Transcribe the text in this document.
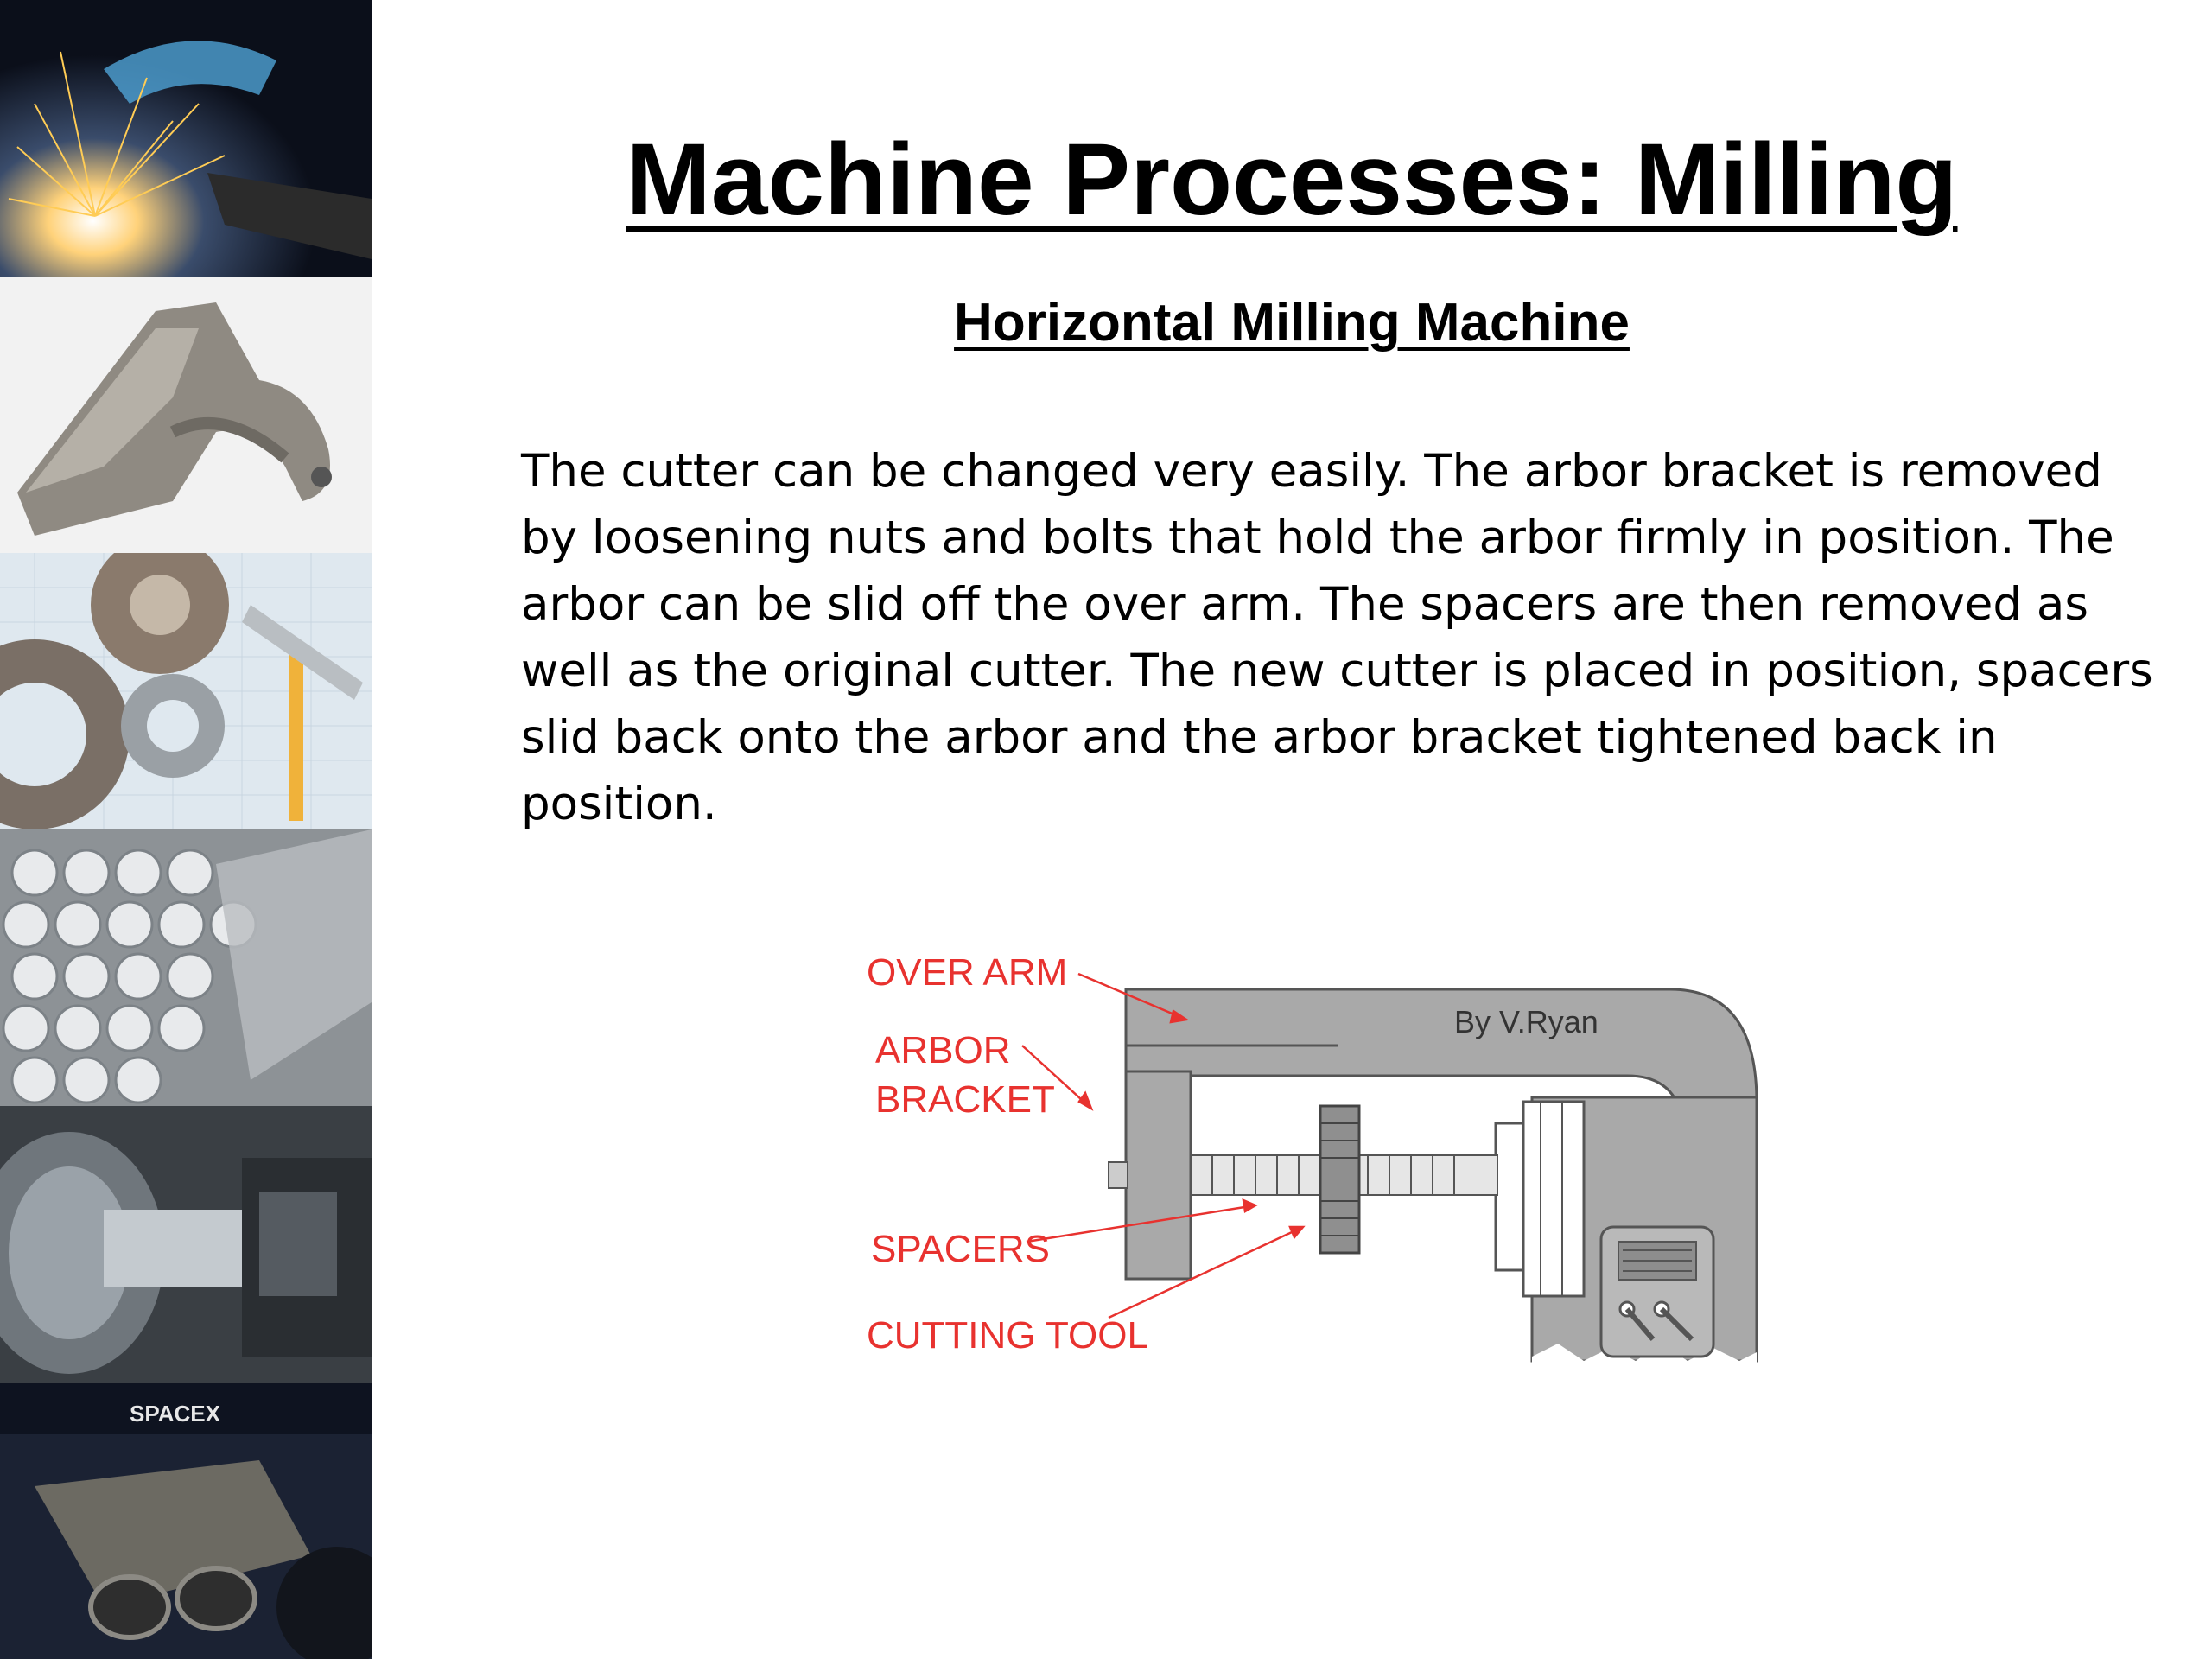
SPACEX
Machine Processes: Milling
Horizontal Milling Machine
The cutter can be changed very easily. The arbor bracket is removed by loosening nuts and bolts that hold the arbor firmly in position. The arbor can be slid off the over arm. The spacers are then removed as well as the original cutter. The new cutter is placed in position, spacers slid back onto the arbor and the arbor bracket tightened back in position.
OVER ARM
ARBOR
BRACKET
SPACERS
CUTTING TOOL
By V.Ryan
